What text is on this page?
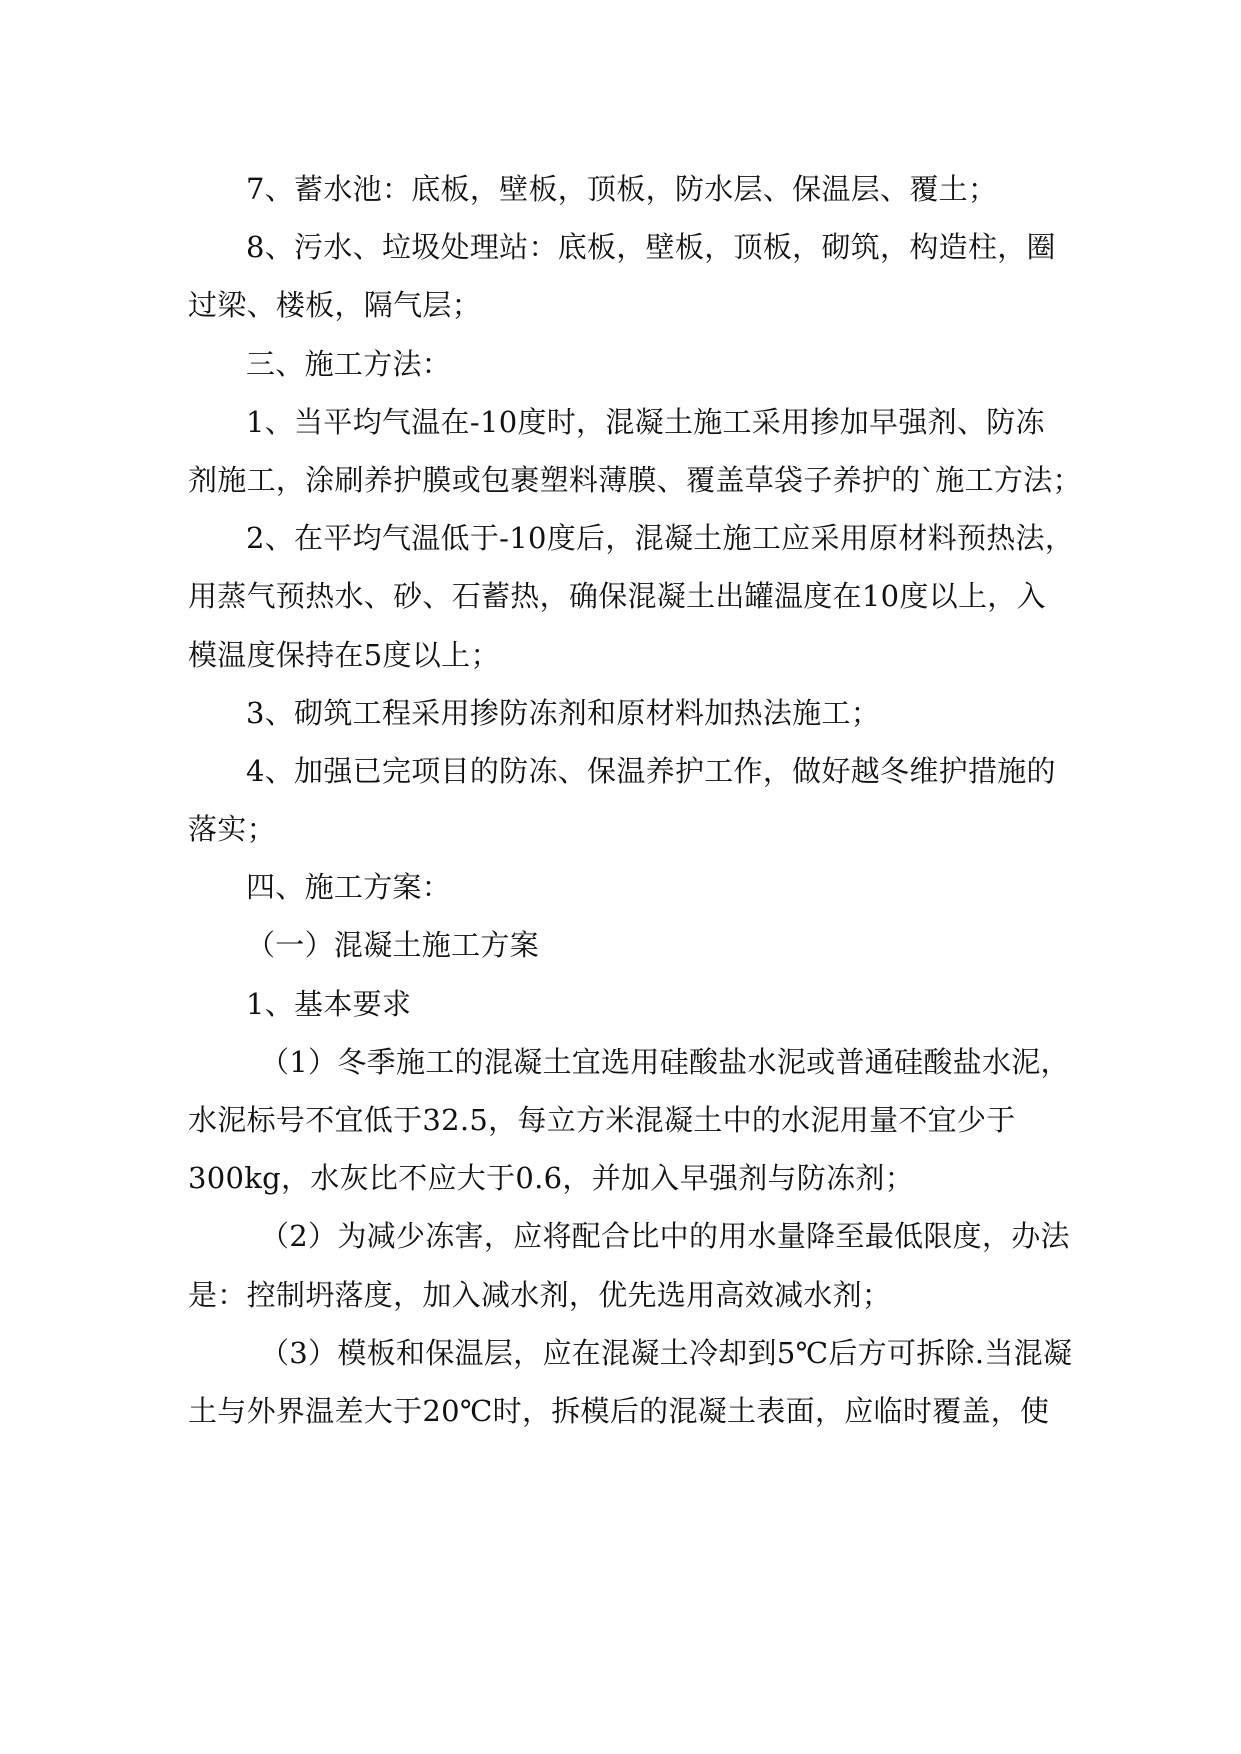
7、蓄水池：底板，壁板，顶板，防水层、保温层、覆土；
8、污水、垃圾处理站：底板，壁板，顶板，砌筑，构造柱，圈
过梁、楼板，隔气层；
三、施工方法：
1、当平均气温在-10度时，混凝土施工采用掺加早强剂、防冻
剂施工，涂刷养护膜或包裹塑料薄膜、覆盖草袋子养护的`施工方法；
2、在平均气温低于-10度后，混凝土施工应采用原材料预热法，
用蒸气预热水、砂、石蓄热，确保混凝土出罐温度在10度以上，入
模温度保持在5度以上；
3、砌筑工程采用掺防冻剂和原材料加热法施工；
4、加强已完项目的防冻、保温养护工作，做好越冬维护措施的
落实；
四、施工方案：
（一）混凝土施工方案
1、基本要求
（1）冬季施工的混凝土宜选用硅酸盐水泥或普通硅酸盐水泥，
水泥标号不宜低于32.5，每立方米混凝土中的水泥用量不宜少于
300kg，水灰比不应大于0.6，并加入早强剂与防冻剂；
（2）为减少冻害，应将配合比中的用水量降至最低限度，办法
是：控制坍落度，加入减水剂，优先选用高效减水剂；
（3）模板和保温层，应在混凝土冷却到5℃后方可拆除.当混凝
土与外界温差大于20℃时，拆模后的混凝土表面，应临时覆盖，使
